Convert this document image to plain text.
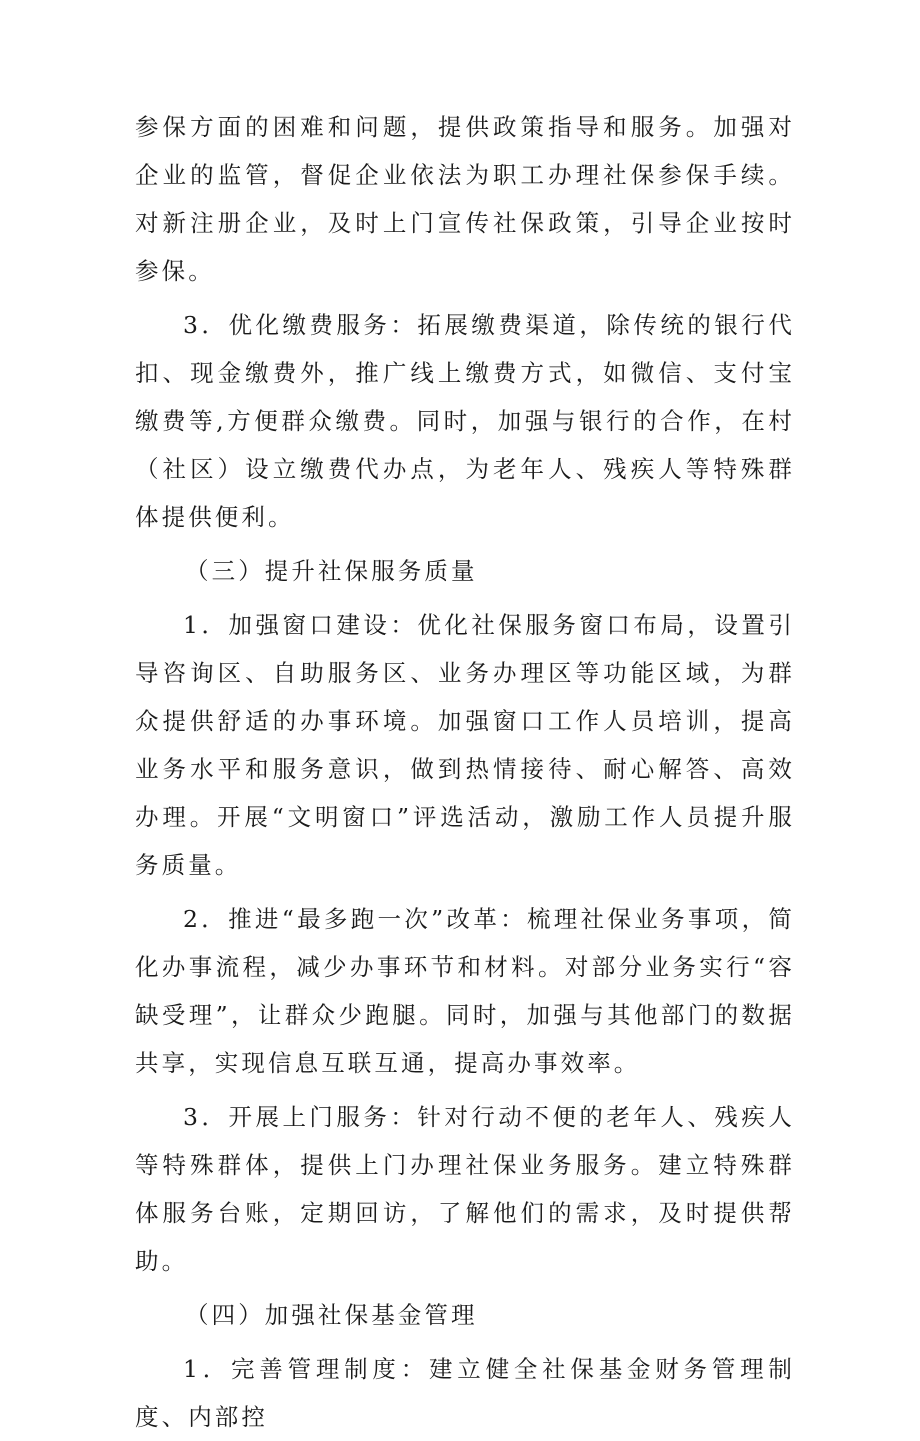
参保方面的困难和问题，提供政策指导和服务。加强对企业的监管，督促企业依法为职工办理社保参保手续。对新注册企业，及时上门宣传社保政策，引导企业按时参保。

3．优化缴费服务：拓展缴费渠道，除传统的银行代扣、现金缴费外，推广线上缴费方式，如微信、支付宝缴费等,方便群众缴费。同时，加强与银行的合作，在村（社区）设立缴费代办点，为老年人、残疾人等特殊群体提供便利。

（三）提升社保服务质量

1．加强窗口建设：优化社保服务窗口布局，设置引导咨询区、自助服务区、业务办理区等功能区域，为群众提供舒适的办事环境。加强窗口工作人员培训，提高业务水平和服务意识，做到热情接待、耐心解答、高效办理。开展“文明窗口”评选活动，激励工作人员提升服务质量。

2．推进“最多跑一次”改革：梳理社保业务事项，简化办事流程，减少办事环节和材料。对部分业务实行“容缺受理”，让群众少跑腿。同时，加强与其他部门的数据共享，实现信息互联互通，提高办事效率。

3．开展上门服务：针对行动不便的老年人、残疾人等特殊群体，提供上门办理社保业务服务。建立特殊群体服务台账，定期回访，了解他们的需求，及时提供帮助。

（四）加强社保基金管理

1．完善管理制度：建立健全社保基金财务管理制度、内部控
